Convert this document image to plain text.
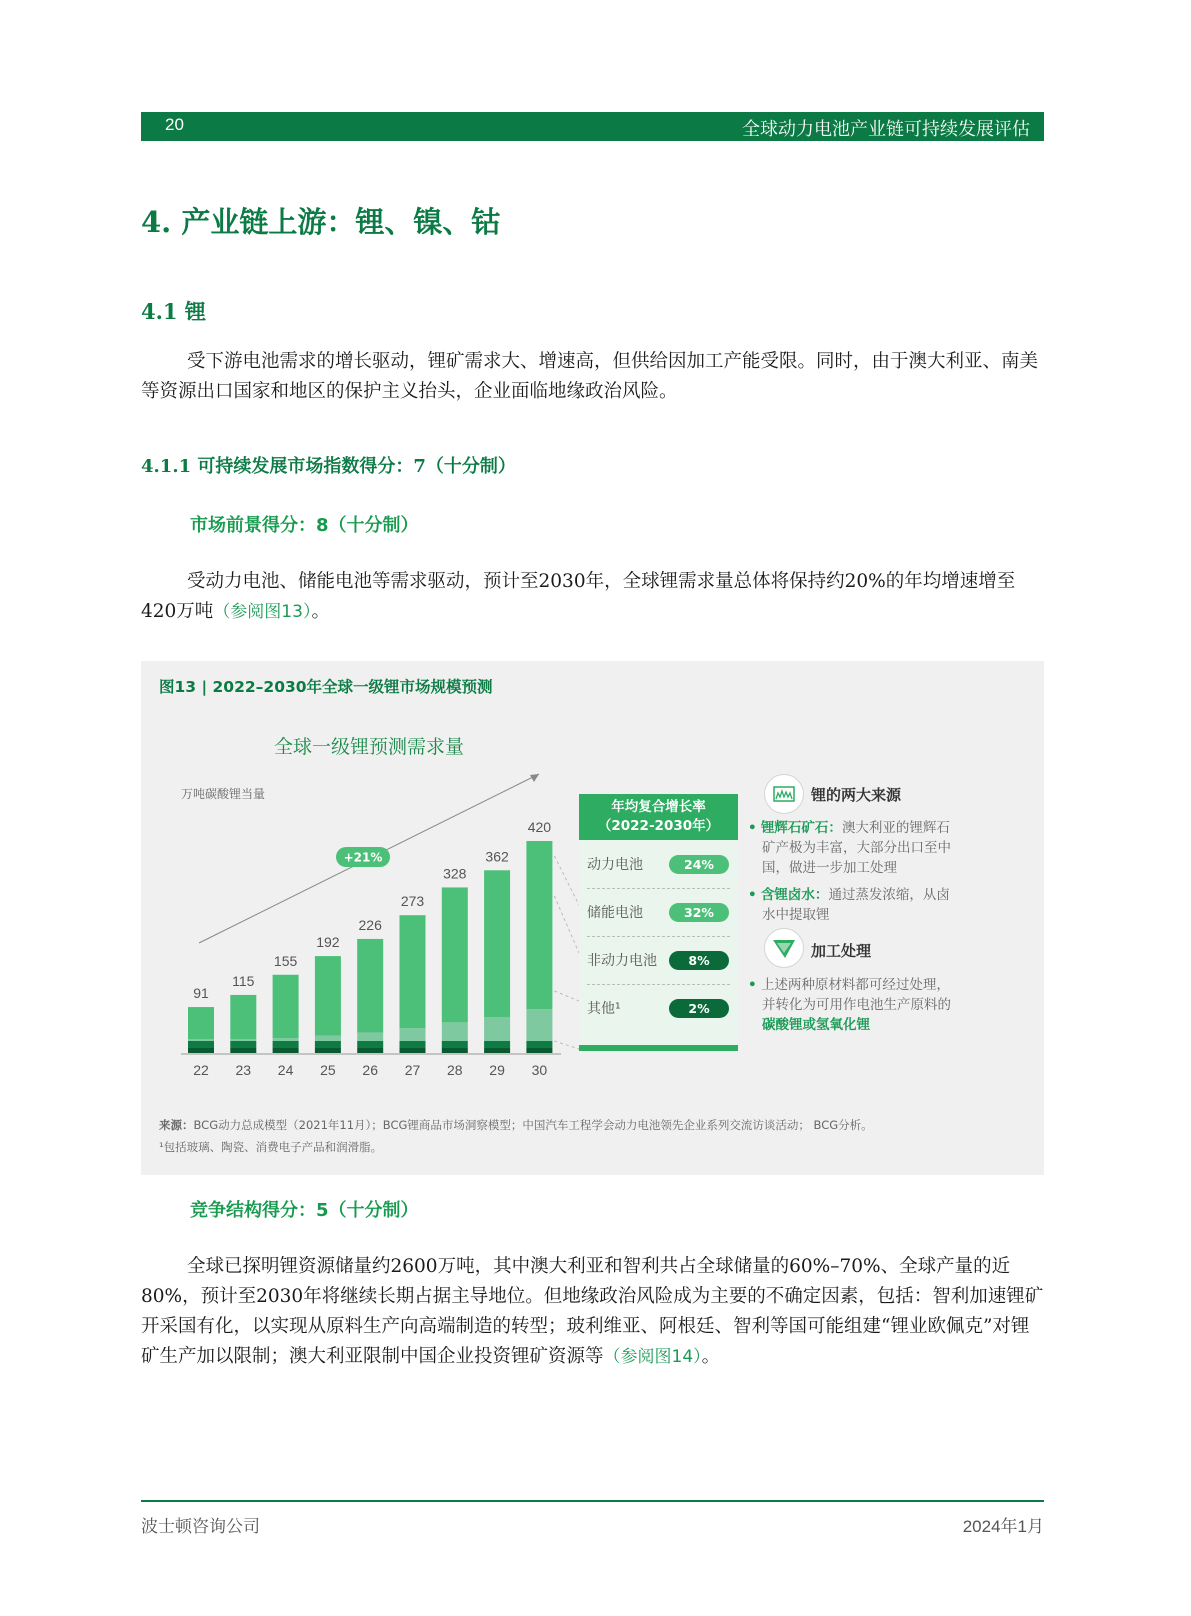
20	全球动力电池产业链可持续发展评估
4. 产业链上游：锂、镍、钴
4.1 锂
受下游电池需求的增长驱动，锂矿需求大、增速高，但供给因加工产能受限。同时，由于澳大利亚、南美等资源出口国家和地区的保护主义抬头，企业面临地缘政治风险。
4.1.1 可持续发展市场指数得分：7（十分制）
市场前景得分：8（十分制）
受动力电池、储能电池等需求驱动，预计至2030年，全球锂需求量总体将保持约20%的年均增速增至420万吨（参阅图13）。
图13 | 2022–2030年全球一级锂市场规模预测
全球一级锂预测需求量
万吨碳酸锂当量
91
22
115
23
155
24
192
25
226
26
273
27
328
28
362
29
420
30
+21%
年均复合增长率
（2022-2030年）
动力电池	24%
储能电池	32%
非动力电池	8%
其他¹	2%
锂的两大来源
• 锂辉石矿石：澳大利亚的锂辉石
矿产极为丰富，大部分出口至中
国，做进一步加工处理
• 含锂卤水：通过蒸发浓缩，从卤
水中提取锂
加工处理
• 上述两种原材料都可经过处理，
并转化为可用作电池生产原料的
碳酸锂或氢氧化锂
来源：BCG动力总成模型（2021年11月）；BCG锂商品市场洞察模型；中国汽车工程学会动力电池领先企业系列交流访谈活动； BCG分析。
¹包括玻璃、陶瓷、消费电子产品和润滑脂。
竞争结构得分：5（十分制）
全球已探明锂资源储量约2600万吨，其中澳大利亚和智利共占全球储量的60%–70%、全球产量的近80%，预计至2030年将继续长期占据主导地位。但地缘政治风险成为主要的不确定因素，包括：智利加速锂矿开采国有化，以实现从原料生产向高端制造的转型；玻利维亚、阿根廷、智利等国可能组建“锂业欧佩克”对锂矿生产加以限制；澳大利亚限制中国企业投资锂矿资源等（参阅图14）。
波士顿咨询公司	2024年1月
